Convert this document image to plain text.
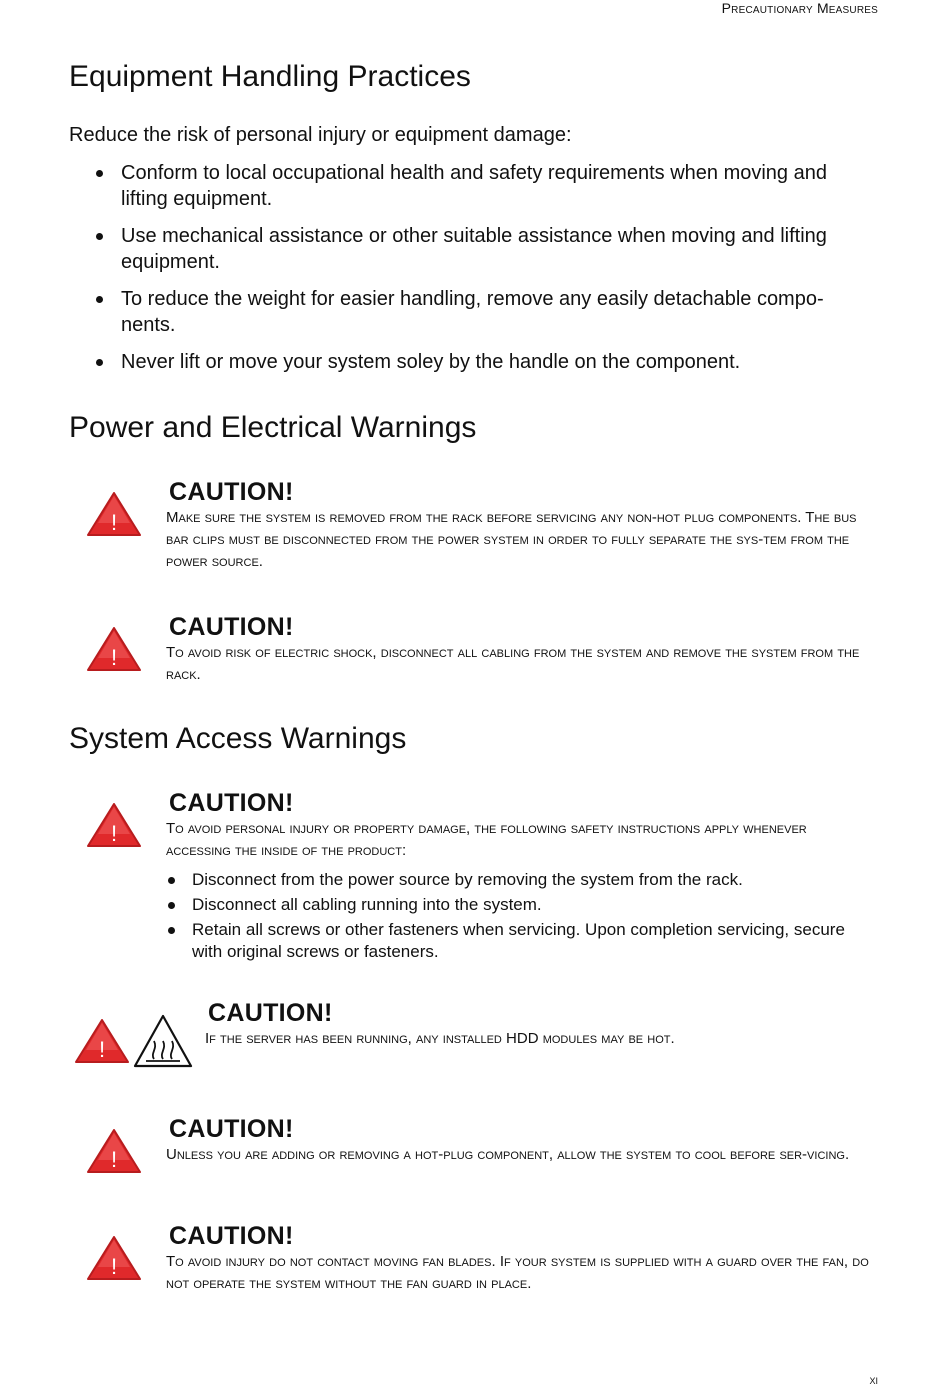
Precautionary Measures
xi
Equipment Handling Practices

Reduce the risk of personal injury or equipment damage:

Conform to local occupational health and safety requirements when moving and lifting equipment.
Use mechanical assistance or other suitable assistance when moving and lifting equipment.
To reduce the weight for easier handling, remove any easily detachable compo-nents.
Never lift or move your system soley by the handle on the component.
Power and Electrical Warnings
!
CAUTION!
Make sure the system is removed from the rack before servicing any non-hot plug components. The bus bar clips must be disconnected from the power system in order to fully separate the sys-tem from the power source.
!
CAUTION!
To avoid risk of electric shock, disconnect all cabling from the system and remove the system from the rack.
System Access Warnings
!
CAUTION!
To avoid personal injury or property damage, the following safety instructions apply whenever accessing the inside of the product:
Disconnect from the power source by removing the system from the rack.
Disconnect all cabling running into the system.
Retain all screws or other fasteners when servicing. Upon completion servicing, secure with original screws or fasteners.
!
CAUTION!
If the server has been running, any installed HDD modules may be hot.
!
CAUTION!
Unless you are adding or removing a hot-plug component, allow the system to cool before ser-vicing.
!
CAUTION!
To avoid injury do not contact moving fan blades. If your system is supplied with a guard over the fan, do not operate the system without the fan guard in place.
